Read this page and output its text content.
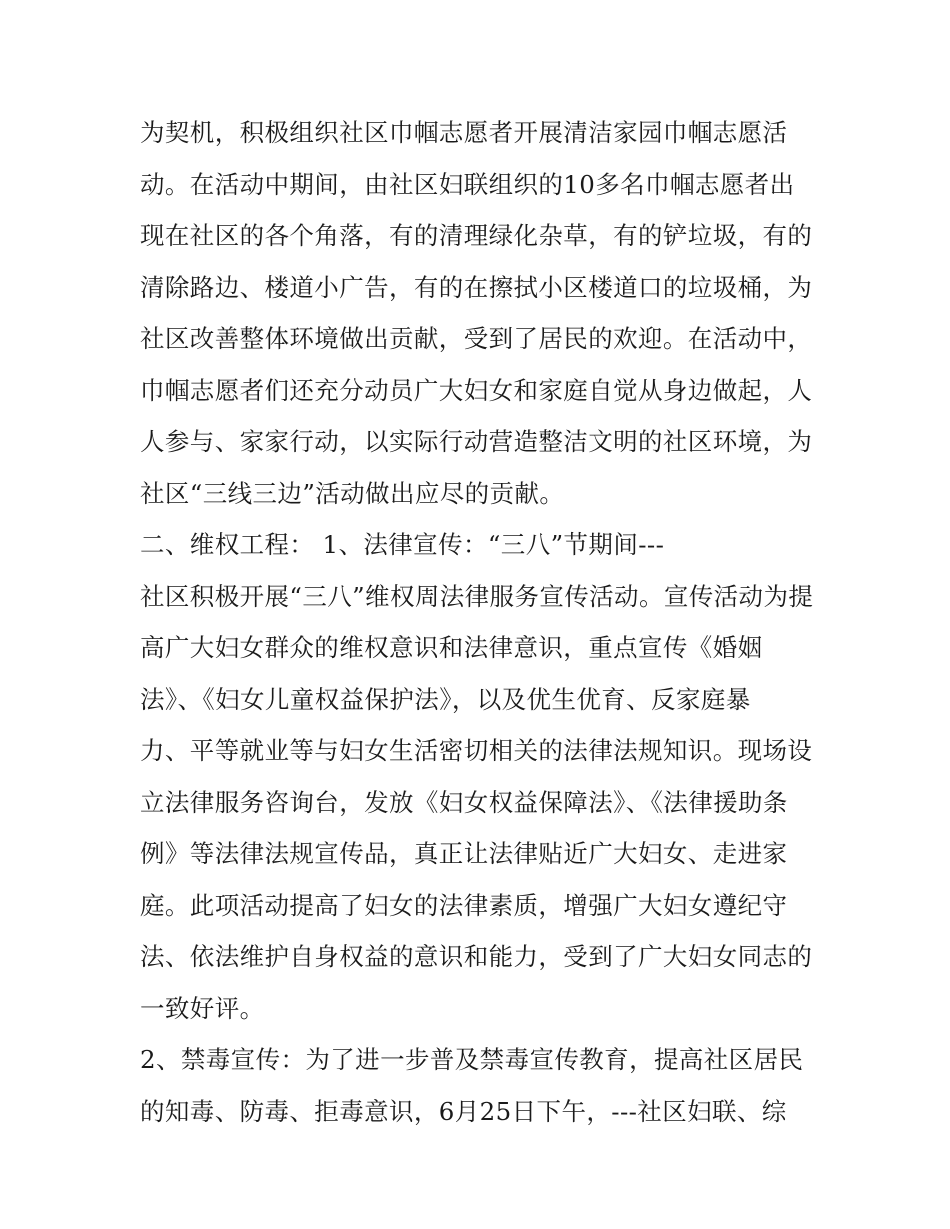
为契机，积极组织社区巾帼志愿者开展清洁家园巾帼志愿活
动。在活动中期间，由社区妇联组织的10多名巾帼志愿者出
现在社区的各个角落，有的清理绿化杂草，有的铲垃圾，有的
清除路边、楼道小广告，有的在擦拭小区楼道口的垃圾桶，为
社区改善整体环境做出贡献，受到了居民的欢迎。在活动中，
巾帼志愿者们还充分动员广大妇女和家庭自觉从身边做起，人
人参与、家家行动，以实际行动营造整洁文明的社区环境，为
社区“三线三边”活动做出应尽的贡献。
二、维权工程： 1、法律宣传：“三八”节期间---
社区积极开展“三八”维权周法律服务宣传活动。宣传活动为提
高广大妇女群众的维权意识和法律意识，重点宣传《婚姻
法》、《妇女儿童权益保护法》，以及优生优育、反家庭暴
力、平等就业等与妇女生活密切相关的法律法规知识。现场设
立法律服务咨询台，发放《妇女权益保障法》、《法律援助条
例》等法律法规宣传品，真正让法律贴近广大妇女、走进家
庭。此项活动提高了妇女的法律素质，增强广大妇女遵纪守
法、依法维护自身权益的意识和能力，受到了广大妇女同志的
一致好评。
2、禁毒宣传：为了进一步普及禁毒宣传教育，提高社区居民
的知毒、防毒、拒毒意识，6月25日下午，---社区妇联、综
